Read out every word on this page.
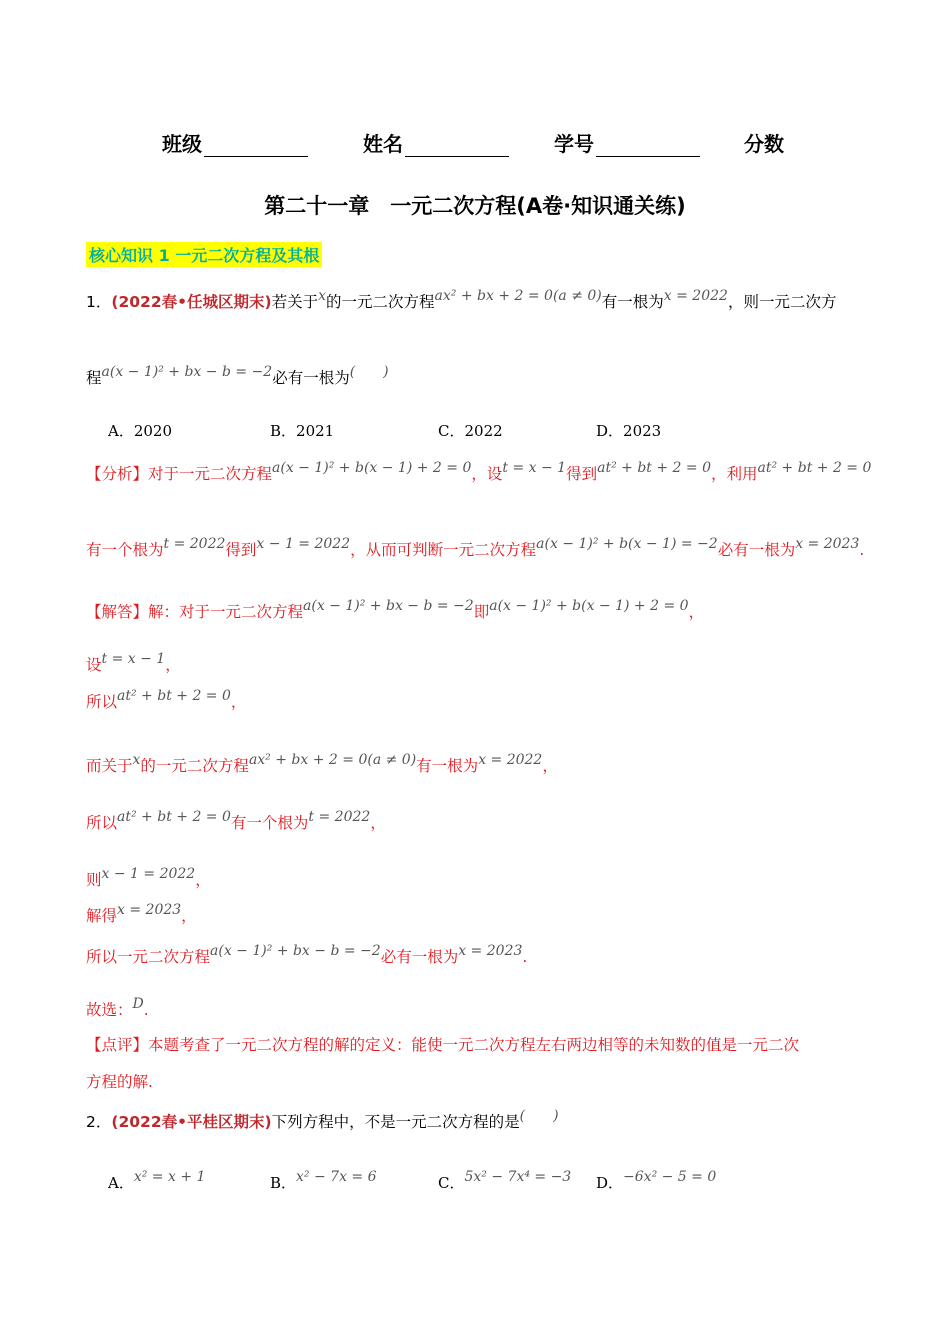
班级	姓名	学号	分数
第二十一章　一元二次方程(A卷·知识通关练)
核心知识 1 一元二次方程及其根
1．(2022春•任城区期末)若关于x的一元二次方程ax² + bx + 2 = 0(a ≠ 0)有一根为x = 2022，则一元二次方
程a(x − 1)² + bx − b = −2必有一根为(　　)
A．2020	B．2021	C．2022	D．2023
【分析】对于一元二次方程a(x − 1)² + b(x − 1) + 2 = 0，设t = x − 1得到at² + bt + 2 = 0，利用at² + bt + 2 = 0
有一个根为t = 2022得到x − 1 = 2022，从而可判断一元二次方程a(x − 1)² + b(x − 1) = −2必有一根为x = 2023.
【解答】解：对于一元二次方程a(x − 1)² + bx − b = −2即a(x − 1)² + b(x − 1) + 2 = 0，
设t = x − 1，
所以at² + bt + 2 = 0，
而关于x的一元二次方程ax² + bx + 2 = 0(a ≠ 0)有一根为x = 2022，
所以at² + bt + 2 = 0有一个根为t = 2022，
则x − 1 = 2022，
解得x = 2023，
所以一元二次方程a(x − 1)² + bx − b = −2必有一根为x = 2023.
故选：D.
【点评】本题考查了一元二次方程的解的定义：能使一元二次方程左右两边相等的未知数的值是一元二次
方程的解.
2．(2022春•平桂区期末)下列方程中，不是一元二次方程的是(　　)
A．x² = x + 1	B．x² − 7x = 6	C．5x² − 7x⁴ = −3 D．−6x² − 5 = 0
